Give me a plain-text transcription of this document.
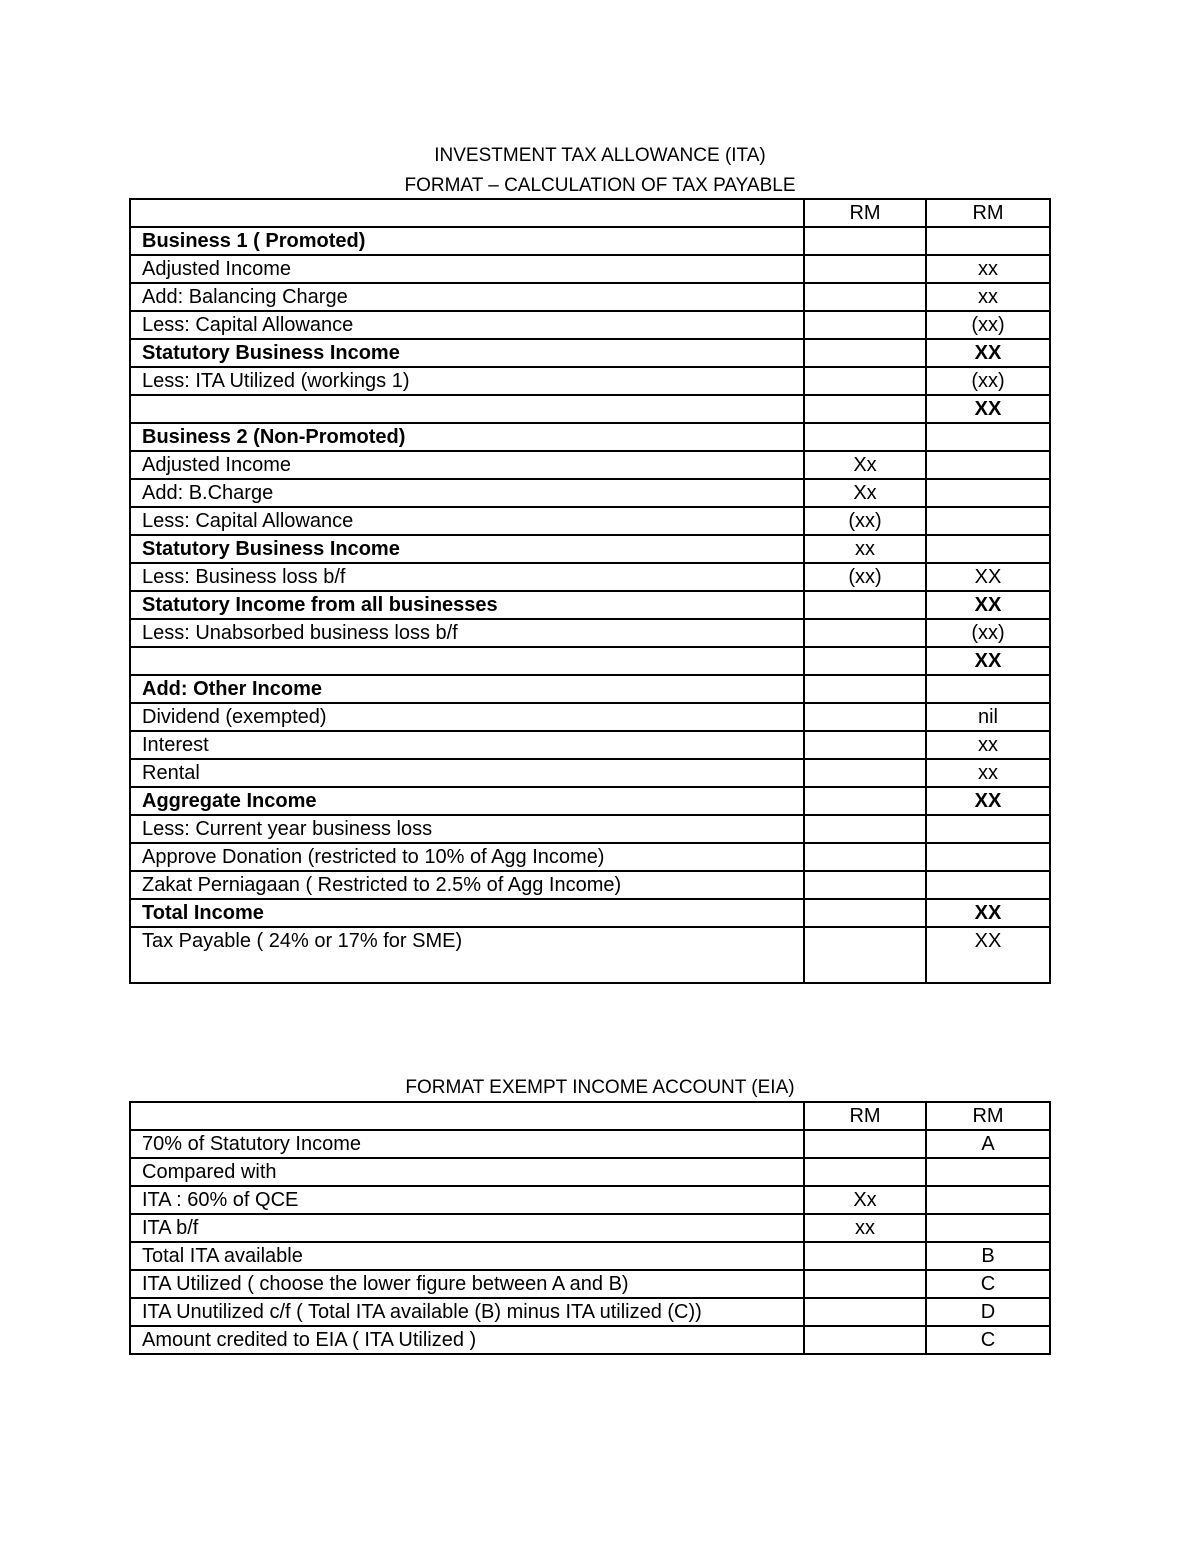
INVESTMENT TAX ALLOWANCE (ITA)
FORMAT – CALCULATION OF TAX PAYABLE
	RM	RM
Business 1 ( Promoted)		
Adjusted Income		xx
Add: Balancing Charge		xx
Less: Capital Allowance		(xx)
Statutory Business Income		XX
Less: ITA Utilized (workings 1)		(xx)
		XX
Business 2 (Non-Promoted)		
Adjusted Income	Xx	
Add: B.Charge	Xx	
Less: Capital Allowance	(xx)	
Statutory Business Income	xx	
Less: Business loss b/f	(xx)	XX
Statutory Income from all businesses		XX
Less: Unabsorbed business loss b/f		(xx)
		XX
Add: Other Income		
Dividend (exempted)		nil
Interest		xx
Rental		xx
Aggregate Income		XX
Less: Current year business loss		
Approve Donation (restricted to 10% of Agg Income)		
Zakat Perniagaan ( Restricted to 2.5% of Agg Income)		
Total Income		XX
Tax Payable ( 24% or 17% for SME)		XX
FORMAT EXEMPT INCOME ACCOUNT (EIA)
	RM	RM
70% of Statutory Income		A
Compared with		
ITA : 60% of QCE	Xx	
ITA b/f	xx	
Total ITA available		B
ITA Utilized ( choose the lower figure between A and B)		C
ITA Unutilized c/f ( Total ITA available (B) minus ITA utilized (C))		D
Amount credited to EIA ( ITA Utilized )		C
